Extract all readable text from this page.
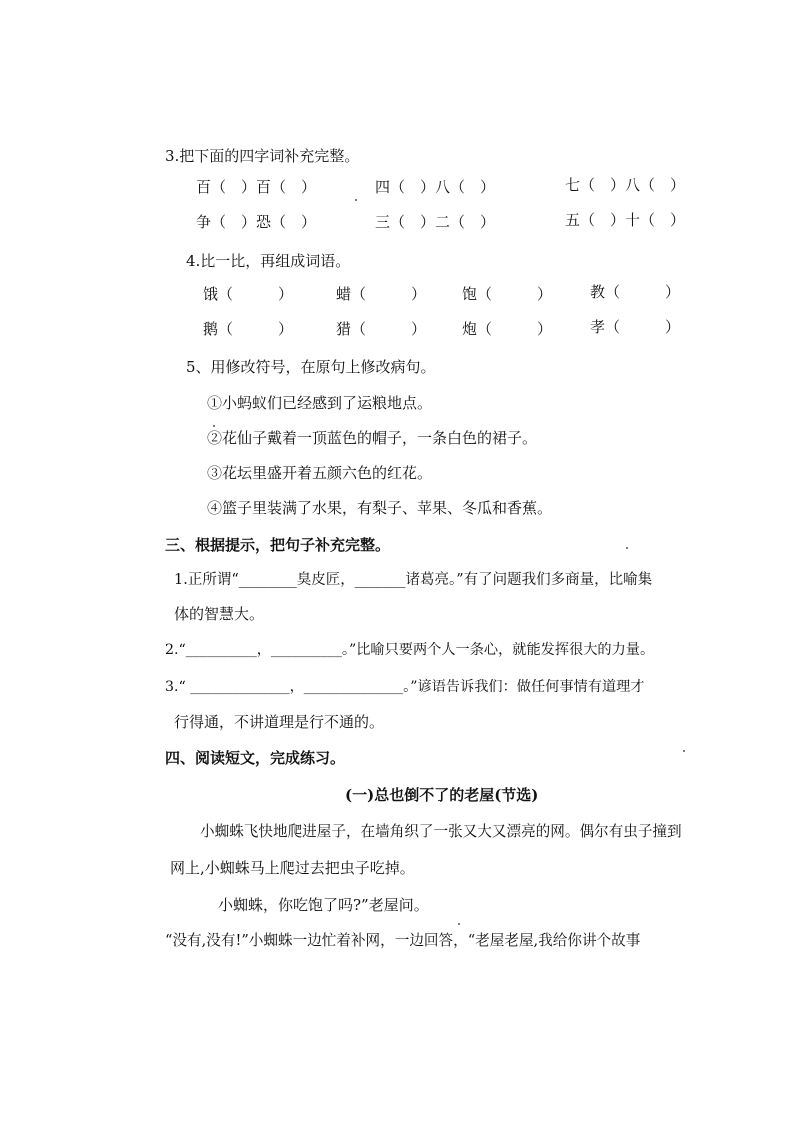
3.把下面的四字词补充完整。
百（　）百（　）	四（　）八（　）	七（　）八（　）
争（　）恐（　）	三（　）二（　）	五（　）十（　）
4.比一比，再组成词语。
饿（　　　）	蜡（　　　） 饱（　　　）	教（　　　）
鹅（　　　）	猎（　　　） 炮（　　　）	孝（　　　）
5、用修改符号，在原句上修改病句。
①小蚂蚁们已经感到了运粮地点。
②花仙子戴着一顶蓝色的帽子，一条白色的裙子。
③花坛里盛开着五颜六色的红花。
④篮子里装满了水果，有梨子、苹果、冬瓜和香蕉。
三、根据提示，把句子补充完整。
1.正所谓“________臭皮匠，_______诸葛亮。”有了问题我们多商量，比喻集
体的智慧大。
2.“__________，__________。”比喻只要两个人一条心，就能发挥很大的力量。
3.“ ______________，______________。”谚语告诉我们：做任何事情有道理才
行得通，不讲道理是行不通的。
四、阅读短文，完成练习。
(一)总也倒不了的老屋(节选)
小蜘蛛飞快地爬进屋子，在墙角织了一张又大又漂亮的网。偶尔有虫子撞到
网上,小蜘蛛马上爬过去把虫子吃掉。
小蜘蛛，你吃饱了吗?”老屋问。
“没有,没有!”小蜘蛛一边忙着补网，一边回答，“老屋老屋,我给你讲个故事
